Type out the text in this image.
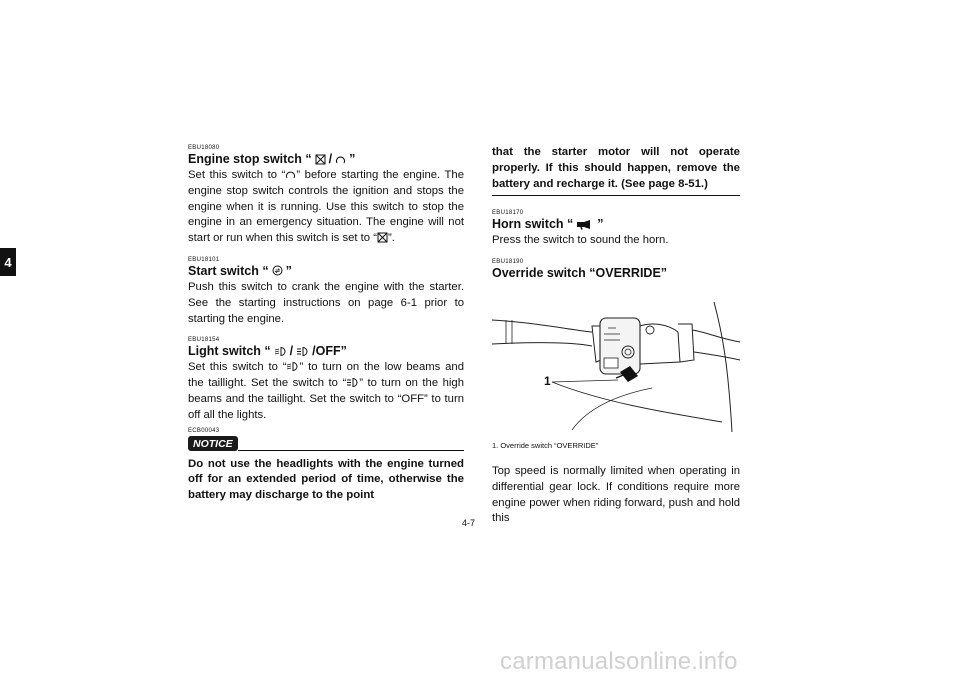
4

EBU18080

Engine stop switch “ / ”

Set this switch to “ ” before starting the engine. The engine stop switch controls the ignition and stops the engine when it is running. Use this switch to stop the engine in an emergency situation. The engine will not start or run when this switch is set to “ ”.

EBU18101

Start switch “ ”

Push this switch to crank the engine with the starter. See the starting instructions on page 6-1 prior to starting the engine.

EBU18154

Light switch “ / /OFF”

Set this switch to “ ” to turn on the low beams and the taillight. Set the switch to “ ” to turn on the high beams and the taillight. Set the switch to “OFF” to turn off all the lights.

ECB00043

NOTICE

Do not use the headlights with the engine turned off for an extended period of time, otherwise the battery may discharge to the point

that the starter motor will not operate properly. If this should happen, remove the battery and recharge it. (See page 8-51.)

EBU18170

Horn switch “ ”

Press the switch to sound the horn.

EBU18190

Override switch “OVERRIDE”
1

1. Override switch “OVERRIDE”

Top speed is normally limited when operating in differential gear lock. If conditions require more engine power when riding forward, push and hold this

4-7
carmanualsonline.info
